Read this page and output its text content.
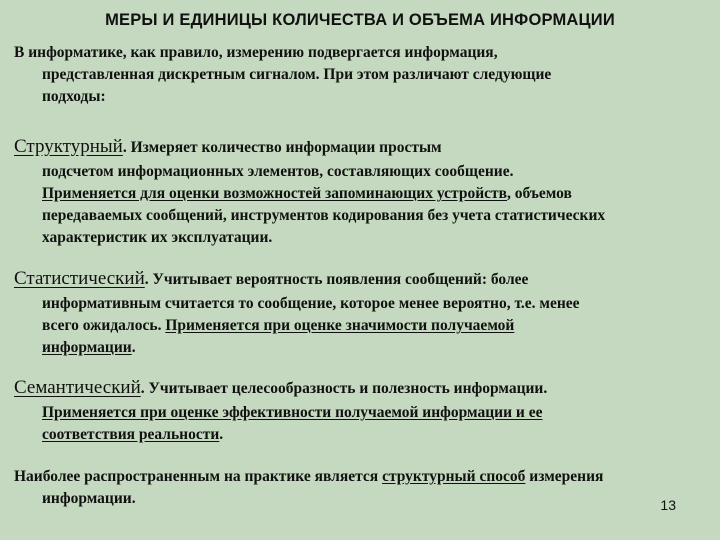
МЕРЫ И ЕДИНИЦЫ КОЛИЧЕСТВА И ОБЪЕМА ИНФОРМАЦИИ
В информатике, как правило, измерению подвергается информация,
представленная дискретным сигналом. При этом различают следующие
подходы:
Структурный. Измеряет количество информации простым
подсчетом информационных элементов, составляющих сообщение.
Применяется для оценки возможностей запоминающих устройств, объемов
передаваемых сообщений, инструментов кодирования без учета статистических
характеристик их эксплуатации.
Статистический. Учитывает вероятность появления сообщений: более
информативным считается то сообщение, которое менее вероятно, т.е. менее
всего ожидалось. Применяется при оценке значимости получаемой
информации.
Семантический. Учитывает целесообразность и полезность информации.
Применяется при оценке эффективности получаемой информации и ее
соответствия реальности.
Наиболее распространенным на практике является структурный способ измерения
информации.	13
